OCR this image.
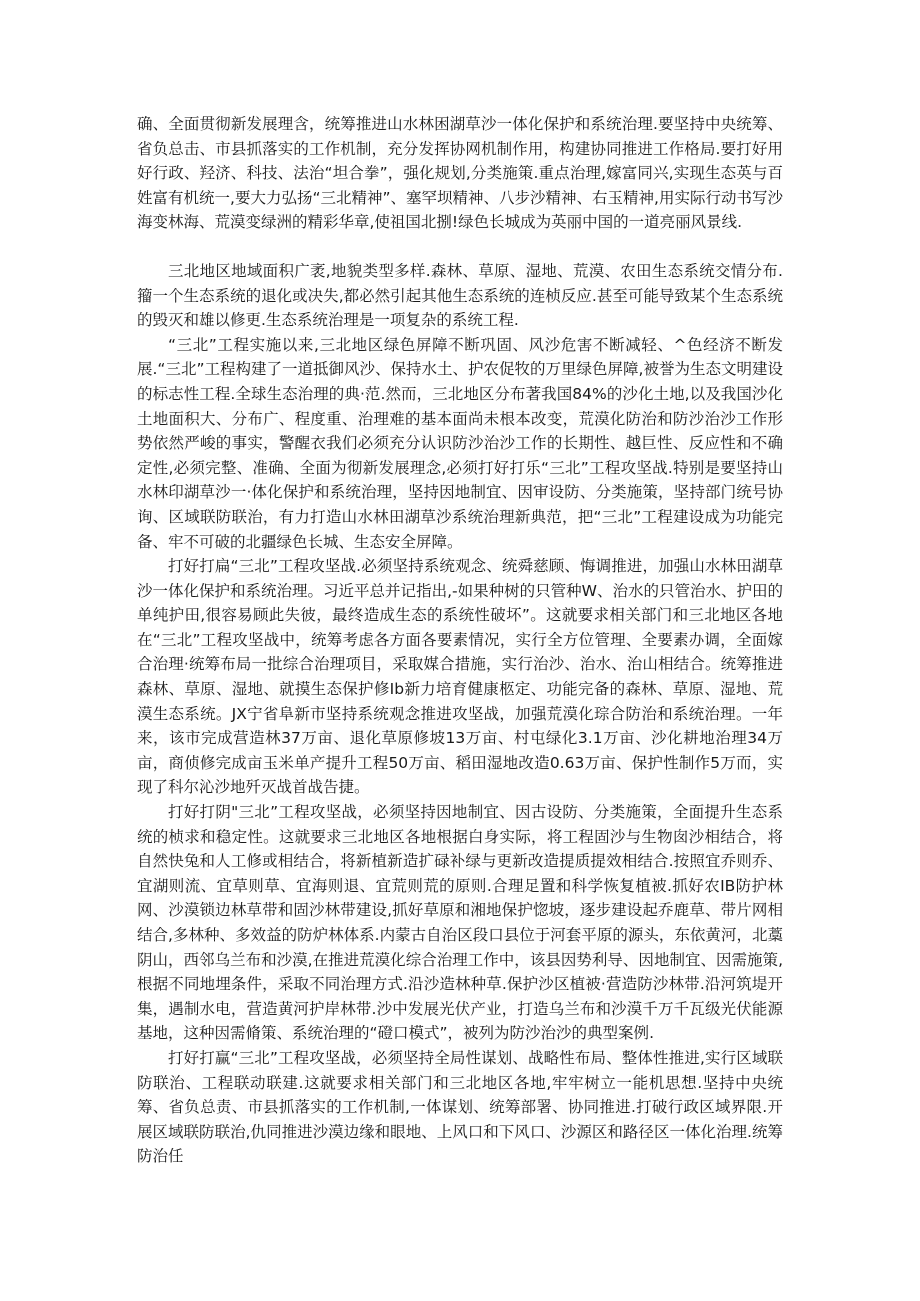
确、全面贯彻新发展理含，统筹推进山水林困湖草沙一体化保护和系统治理.要坚持中央统筹、省负总击、市县抓落实的工作机制，充分发挥协网机制作用，构建协同推进工作格局.要打好用好行政、羟济、科技、法治“坦合拳”，强化规划,分类施策.重点治理,嫁富同兴,实现生态英与百姓富有机统一,要大力弘扬“三北精神”、塞罕坝精神、八步沙精神、右玉精神,用实际行动书写沙海变林海、荒漠变绿洲的精彩华章,使祖国北捌!绿色长城成为英丽中国的一道亮丽风景线.

三北地区地域面积广袤,地貌类型多样.森林、草原、湿地、荒漠、农田生态系统交情分布.籀一个生态系统的退化或决失,都必然引起其他生态系统的连桢反应.甚至可能导致某个生态系统的毁灭和雄以修更.生态系统治理是一项复杂的系统工程.

“三北”工程实施以来,三北地区绿色屏障不断巩固、风沙危害不断减轻、^色经济不断发展.“三北”工程构建了一道抵御风沙、保持水土、护农促牧的万里绿色屏障,被誉为生态文明建设的标志性工程.全球生态治理的典·范.然而，三北地区分布著我国84%的沙化土地,以及我国沙化土地面积大、分布广、程度重、治理难的基本面尚未根本改变，荒漠化防治和防沙治沙工作形势依然严峻的事实，警醒衣我们必须充分认识防沙治沙工作的长期性、越巨性、反应性和不确定性,必须完整、准确、全面为彻新发展理念,必须打好打乐“三北”工程攻坚战.特别是要坚持山水林印湖草沙一·体化保护和系统治理，坚持因地制宜、因审设防、分类施策，坚持部门统号协询、区域联防联治，有力打造山水林田湖草沙系统治理新典范，把“三北”工程建设成为功能完备、牢不可破的北疆绿色长城、生态安全屏障。

打好打扁“三北”工程攻坚战.必须坚持系统观念、统舜慈顾、悔调推进，加强山水林田湖草沙一体化保护和系统治理。习近平总并记指出,-如果种树的只管种W、治水的只管治水、护田的单纯护田,很容易顾此失彼，最终造成生态的系统性破坏”。这就要求相关部门和三北地区各地在“三北”工程攻坚战中，统筹考虑各方面各要素情况，实行全方位管理、全要素办调，全面嫁合治理·统筹布局一批综合治理项目，采取媒合措施，实行治沙、治水、治山相结合。统筹推进森林、草原、湿地、就摸生态保护修Ib新力培育健康柩定、功能完备的森林、草原、湿地、荒漠生态系统。JX宁省阜新市坚持系统观念推进攻坚战，加强荒漠化琮合防治和系统治理。一年来，该市完成营造林37万亩、退化草原修坡13万亩、村屯绿化3.1万亩、沙化耕地治理34万亩，商侦修完成亩玉米单产提升工程50万亩、稻田湿地改造0.63万亩、保护性制作5万而，实现了科尔沁沙地歼灭战首战告捷。

打好打阴"三北”工程攻坚战，必须坚持因地制宜、因古设防、分类施策，全面提升生态系统的桢求和稳定性。这就要求三北地区各地根据白身实际，将工程固沙与生物囱沙相结合，将自然快兔和人工修或相结合，将新植新造扩碌补绿与更新改造提质提效相结合.按照宜乔则乔、宜湖则流、宜草则草、宜海则退、宜荒则荒的原则.合理足置和科学恢复植被.抓好农IB防护林网、沙漠锁边林草带和固沙林带建设,抓好草原和湘地保护惚坡，逐步建设起乔鹿草、带片网相结合,多林种、多效益的防炉林体系.内蒙古自治区段口县位于河套平原的源头，东依黄河，北藁阴山，西邻乌兰布和沙漠,在推进荒漠化综合治理工作中，该县因势利导、因地制宜、因需施策,根据不同地埋条件，采取不同治理方式.沿沙造林种草.保护沙区植被·营造防沙林带.沿河筑堤开集，遇制水电，营造黄河护岸林带.沙中发展光伏产业，打造乌兰布和沙漠千万千瓦级光伏能源基地，这种因需脩策、系统治理的“磴口模式”，被列为防沙治沙的典型案例.

打好打赢“三北”工程攻坚战，必须坚持全局性谋划、战略性布局、整体性推进,实行区域联防联治、工程联动联建.这就要求相关部门和三北地区各地,牢牢树立一能机思想.坚持中央统筹、省负总责、市县抓落实的工作机制,一体谋划、统筹部署、协同推进.打破行政区域界限.开展区域联防联治,仇同推进沙漠边缘和眼地、上风口和下风口、沙源区和路径区一体化治理.统筹防治任
